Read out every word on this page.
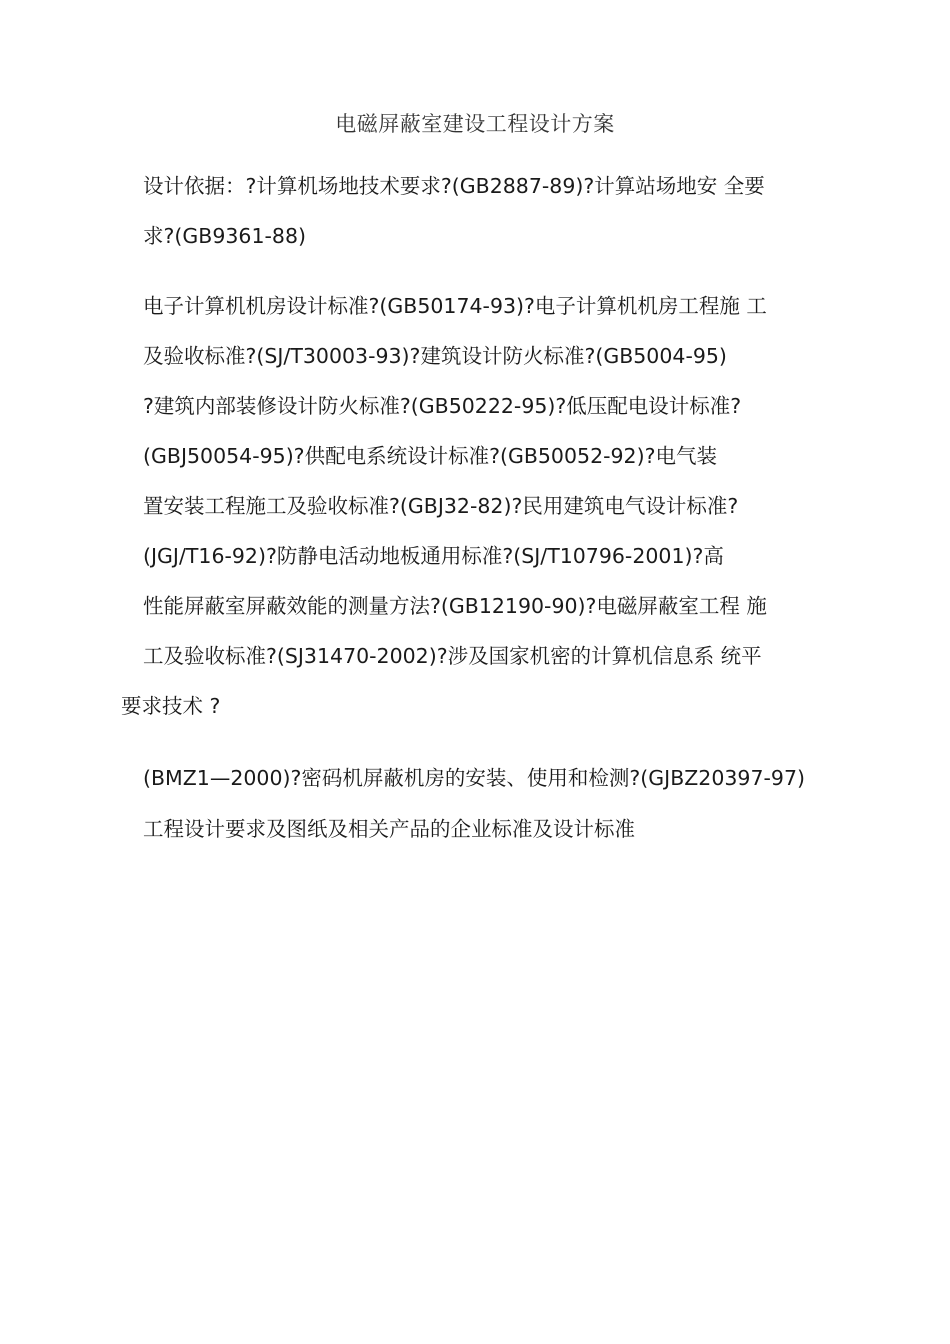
电磁屏蔽室建设工程设计方案
设计依据：?计算机场地技术要求?(GB2887-89)?计算站场地安 全要
求?(GB9361-88)
电子计算机机房设计标准?(GB50174-93)?电子计算机机房工程施 工
及验收标准?(SJ/T30003-93)?建筑设计防火标准?(GB5004-95)
?建筑内部装修设计防火标准?(GB50222-95)?低压配电设计标准?
(GBJ50054-95)?供配电系统设计标准?(GB50052-92)?电气装
置安装工程施工及验收标准?(GBJ32-82)?民用建筑电气设计标准?
(JGJ/T16-92)?防静电活动地板通用标准?(SJ/T10796-2001)?高
性能屏蔽室屏蔽效能的测量方法?(GB12190-90)?电磁屏蔽室工程 施
工及验收标准?(SJ31470-2002)?涉及国家机密的计算机信息系 统平
要求技术 ?
(BMZ1—2000)?密码机屏蔽机房的安装、使用和检测?(GJBZ20397-97)
工程设计要求及图纸及相关产品的企业标准及设计标准
